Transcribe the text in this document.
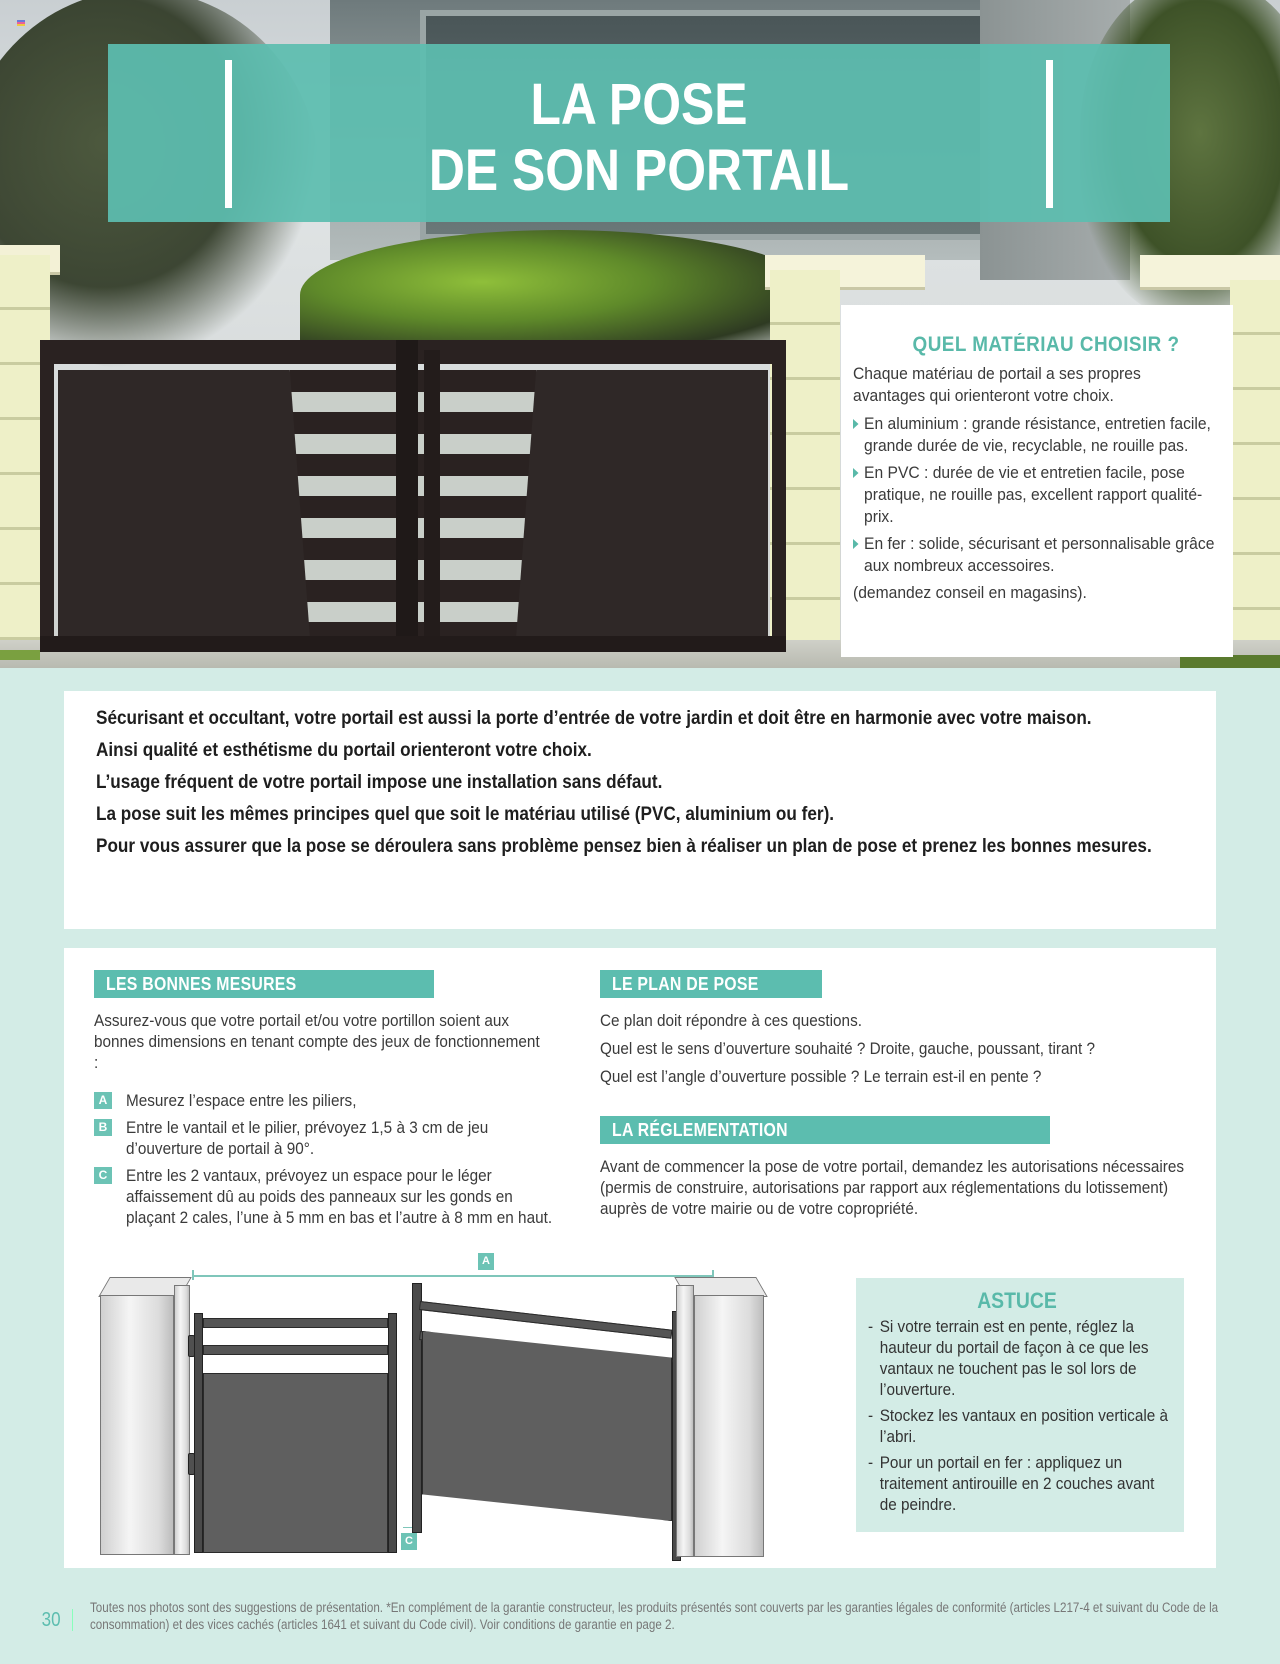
LA POSE
DE SON PORTAIL
QUEL MATÉRIAU CHOISIR ?
Chaque matériau de portail a ses propres avantages qui orienteront votre choix.
En aluminium : grande résistance, entretien facile, grande durée de vie, recyclable, ne rouille pas.
En PVC : durée de vie et entretien facile, pose pratique, ne rouille pas, excellent rapport qualité-prix.
En fer : solide, sécurisant et personnalisable grâce aux nombreux accessoires.
(demandez conseil en magasins).

Sécurisant et occultant, votre portail est aussi la porte d’entrée de votre jardin et doit être en harmonie avec votre maison.

Ainsi qualité et esthétisme du portail orienteront votre choix.

L’usage fréquent de votre portail impose une installation sans défaut.

La pose suit les mêmes principes quel que soit le matériau utilisé (PVC, aluminium ou fer).

Pour vous assurer que la pose se déroulera sans problème pensez bien à réaliser un plan de pose et prenez les bonnes mesures.

LES BONNES MESURES
Assurez-vous que votre portail et/ou votre portillon soient aux bonnes dimensions en tenant compte des jeux de fonctionnement :
A Mesurez l’espace entre les piliers,
B Entre le vantail et le pilier, prévoyez 1,5 à 3 cm de jeu d’ouverture de portail à 90°.
C Entre les 2 vantaux, prévoyez un espace pour le léger affaissement dû au poids des panneaux sur les gonds en plaçant 2 cales, l’une à 5 mm en bas et l’autre à 8 mm en haut.
LE PLAN DE POSE

Ce plan doit répondre à ces questions.

Quel est le sens d’ouverture souhaité ? Droite, gauche, poussant, tirant ?

Quel est l’angle d’ouverture possible ? Le terrain est-il en pente ?

LA RÉGLEMENTATION
Avant de commencer la pose de votre portail, demandez les autorisations nécessaires (permis de construire, autorisations par rapport aux réglementations du lotissement) auprès de votre mairie ou de votre copropriété.
A
C
ASTUCE
- Si votre terrain est en pente, réglez la hauteur du portail de façon à ce que les vantaux ne touchent pas le sol lors de l’ouverture.
- Stockez les vantaux en position verticale à l’abri.
- Pour un portail en fer : appliquez un traitement antirouille en 2 couches avant de peindre.
30
Toutes nos photos sont des suggestions de présentation. *En complément de la garantie constructeur, les produits présentés sont couverts par les garanties légales de conformité (articles L217-4 et suivant du Code de la consommation) et des vices cachés (articles 1641 et suivant du Code civil). Voir conditions de garantie en page 2.
